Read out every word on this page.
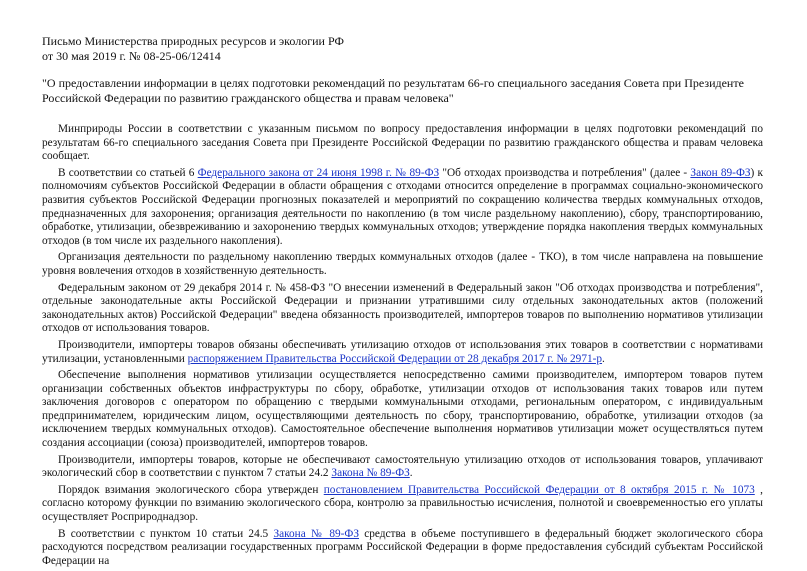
Письмо Министерства природных ресурсов и экологии РФ

от 30 мая 2019 г. № 08-25-06/12414

"О предоставлении информации в целях подготовки рекомендаций по результатам 66-го специального заседания Совета при Президенте Российской Федерации по развитию гражданского общества и правам человека"

Минприроды России в соответствии с указанным письмом по вопросу предоставления информации в целях подготовки рекомендаций по результатам 66-го специального заседания Совета при Президенте Российской Федерации по развитию гражданского общества и правам человека сообщает.

В соответствии со статьей 6 Федерального закона от 24 июня 1998 г. № 89-ФЗ "Об отходах производства и потребления" (далее - Закон 89-ФЗ) к полномочиям субъектов Российской Федерации в области обращения с отходами относится определение в программах социально-экономического развития субъектов Российской Федерации прогнозных показателей и мероприятий по сокращению количества твердых коммунальных отходов, предназначенных для захоронения; организация деятельности по накоплению (в том числе раздельному накоплению), сбору, транспортированию, обработке, утилизации, обезвреживанию и захоронению твердых коммунальных отходов; утверждение порядка накопления твердых коммунальных отходов (в том числе их раздельного накопления).

Организация деятельности по раздельному накоплению твердых коммунальных отходов (далее - ТКО), в том числе направлена на повышение уровня вовлечения отходов в хозяйственную деятельность.

Федеральным законом от 29 декабря 2014 г. № 458-ФЗ "О внесении изменений в Федеральный закон "Об отходах производства и потребления", отдельные законодательные акты Российской Федерации и признании утратившими силу отдельных законодательных актов (положений законодательных актов) Российской Федерации" введена обязанность производителей, импортеров товаров по выполнению нормативов утилизации отходов от использования товаров.

Производители, импортеры товаров обязаны обеспечивать утилизацию отходов от использования этих товаров в соответствии с нормативами утилизации, установленными распоряжением Правительства Российской Федерации от 28 декабря 2017 г. № 2971-р.

Обеспечение выполнения нормативов утилизации осуществляется непосредственно самими производителем, импортером товаров путем организации собственных объектов инфраструктуры по сбору, обработке, утилизации отходов от использования таких товаров или путем заключения договоров с оператором по обращению с твердыми коммунальными отходами, региональным оператором, с индивидуальным предпринимателем, юридическим лицом, осуществляющими деятельность по сбору, транспортированию, обработке, утилизации отходов (за исключением твердых коммунальных отходов). Самостоятельное обеспечение выполнения нормативов утилизации может осуществляться путем создания ассоциации (союза) производителей, импортеров товаров.

Производители, импортеры товаров, которые не обеспечивают самостоятельную утилизацию отходов от использования товаров, уплачивают экологический сбор в соответствии с пунктом 7 статьи 24.2 Закона № 89-ФЗ.

Порядок взимания экологического сбора утвержден постановлением Правительства Российской Федерации от 8 октября 2015 г. № 1073 , согласно которому функции по взиманию экологического сбора, контролю за правильностью исчисления, полнотой и своевременностью его уплаты осуществляет Росприроднадзор.

В соответствии с пунктом 10 статьи 24.5 Закона № 89-ФЗ средства в объеме поступившего в федеральный бюджет экологического сбора расходуются посредством реализации государственных программ Российской Федерации в форме предоставления субсидий субъектам Российской Федерации на
